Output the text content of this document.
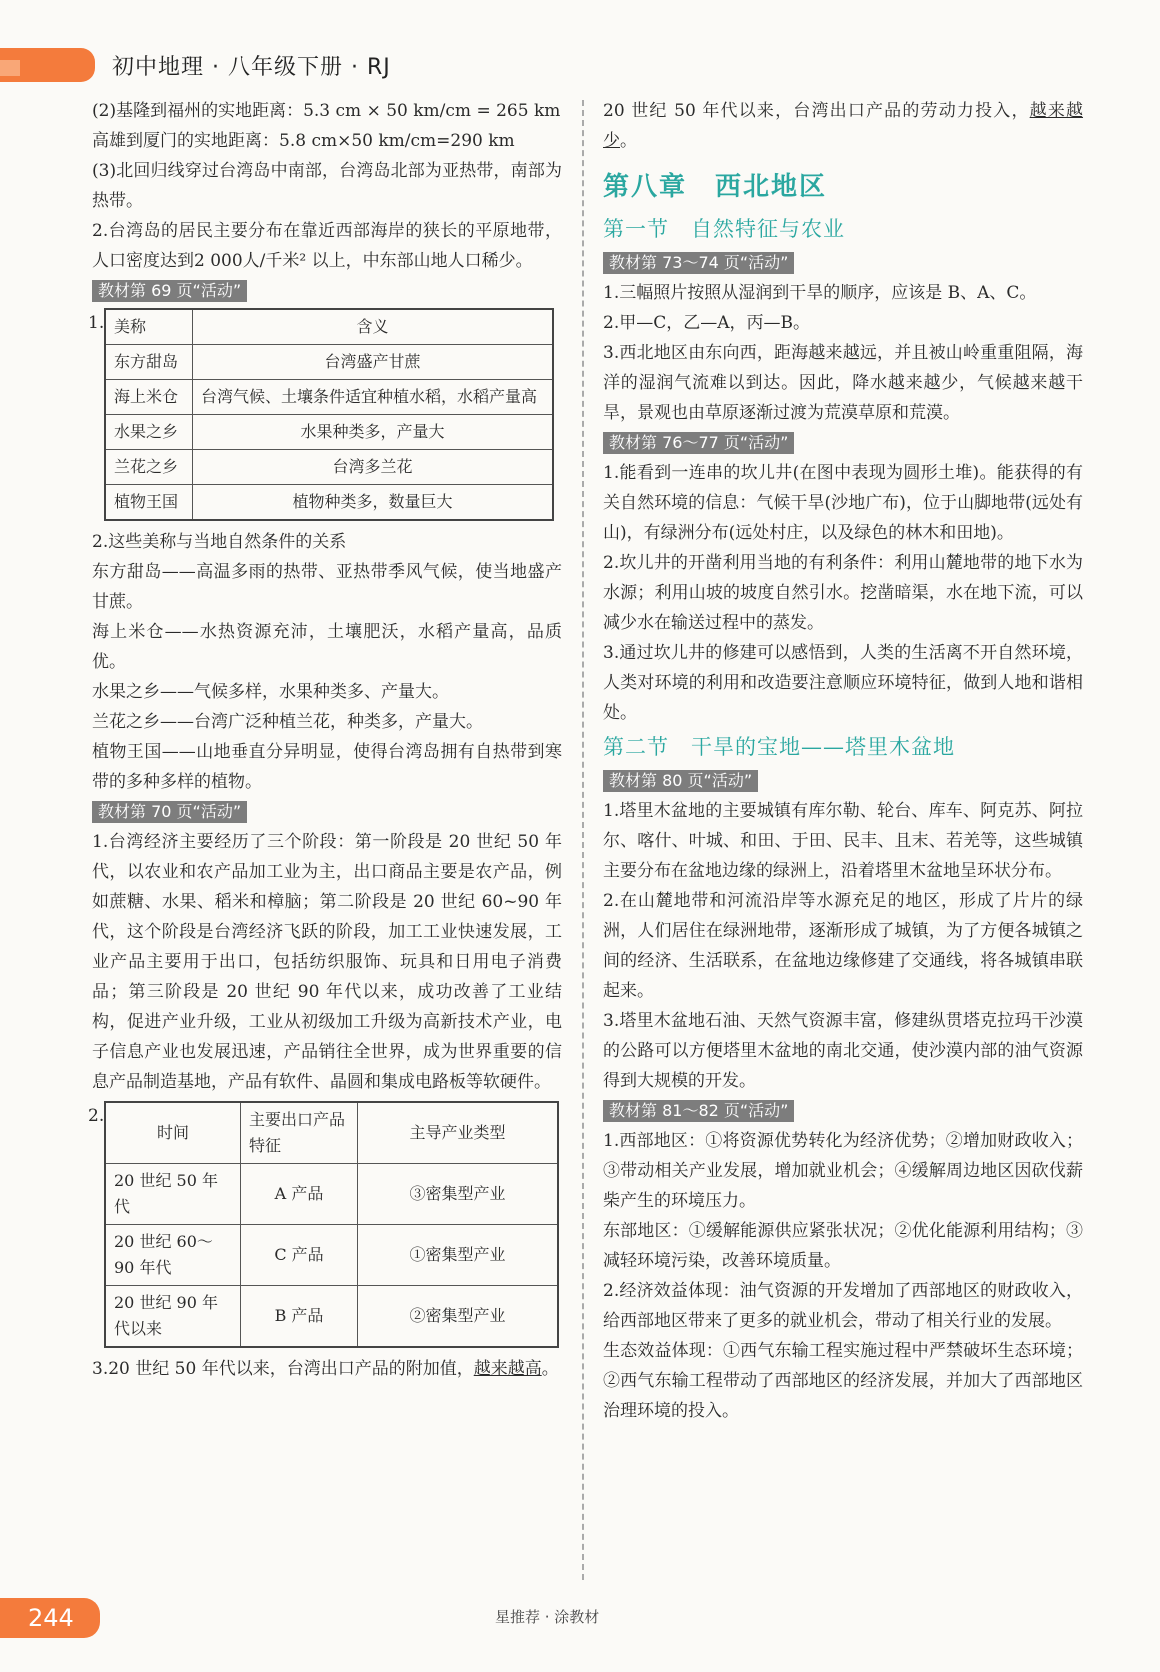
初中地理 · 八年级下册 · RJ

(2)基隆到福州的实地距离：5.3 cm × 50 km/cm = 265 km

高雄到厦门的实地距离：5.8 cm×50 km/cm=290 km

(3)北回归线穿过台湾岛中南部，台湾岛北部为亚热带，南部为热带。

2.台湾岛的居民主要分布在靠近西部海岸的狭长的平原地带，人口密度达到2 000人/千米² 以上，中东部山地人口稀少。

教材第 69 页“活动”
1. 美称	含义
东方甜岛	台湾盛产甘蔗
海上米仓	台湾气候、土壤条件适宜种植水稻，水稻产量高
水果之乡	水果种类多，产量大
兰花之乡	台湾多兰花
植物王国	植物种类多，数量巨大

2.这些美称与当地自然条件的关系

东方甜岛——高温多雨的热带、亚热带季风气候，使当地盛产甘蔗。

海上米仓——水热资源充沛，土壤肥沃，水稻产量高，品质优。

水果之乡——气候多样，水果种类多、产量大。

兰花之乡——台湾广泛种植兰花，种类多，产量大。

植物王国——山地垂直分异明显，使得台湾岛拥有自热带到寒带的多种多样的植物。

教材第 70 页“活动”

1.台湾经济主要经历了三个阶段：第一阶段是 20 世纪 50 年代，以农业和农产品加工业为主，出口商品主要是农产品，例如蔗糖、水果、稻米和樟脑；第二阶段是 20 世纪 60~90 年代，这个阶段是台湾经济飞跃的阶段，加工工业快速发展，工业产品主要用于出口，包括纺织服饰、玩具和日用电子消费品；第三阶段是 20 世纪 90 年代以来，成功改善了工业结构，促进产业升级，工业从初级加工升级为高新技术产业，电子信息产业也发展迅速，产品销往全世界，成为世界重要的信息产品制造基地，产品有软件、晶圆和集成电路板等软硬件。

2.
时间	主要出口产品特征	主导产业类型
20 世纪 50 年代	A 产品	③密集型产业
20 世纪 60～90 年代	C 产品	①密集型产业
20 世纪 90 年代以来	B 产品	②密集型产业

3.20 世纪 50 年代以来，台湾出口产品的附加值，越来越高。

20 世纪 50 年代以来，台湾出口产品的劳动力投入，越来越少。

第八章　西北地区

第一节　自然特征与农业

教材第 73～74 页“活动”

1.三幅照片按照从湿润到干旱的顺序，应该是 B、A、C。

2.甲—C，乙—A，丙—B。

3.西北地区由东向西，距海越来越远，并且被山岭重重阻隔，海洋的湿润气流难以到达。因此，降水越来越少，气候越来越干旱，景观也由草原逐渐过渡为荒漠草原和荒漠。

教材第 76～77 页“活动”

1.能看到一连串的坎儿井(在图中表现为圆形土堆)。能获得的有关自然环境的信息：气候干旱(沙地广布)，位于山脚地带(远处有山)，有绿洲分布(远处村庄，以及绿色的林木和田地)。

2.坎儿井的开凿利用当地的有利条件：利用山麓地带的地下水为水源；利用山坡的坡度自然引水。挖凿暗渠，水在地下流，可以减少水在输送过程中的蒸发。

3.通过坎儿井的修建可以感悟到，人类的生活离不开自然环境，人类对环境的利用和改造要注意顺应环境特征，做到人地和谐相处。

第二节　干旱的宝地——塔里木盆地

教材第 80 页“活动”

1.塔里木盆地的主要城镇有库尔勒、轮台、库车、阿克苏、阿拉尔、喀什、叶城、和田、于田、民丰、且末、若羌等，这些城镇主要分布在盆地边缘的绿洲上，沿着塔里木盆地呈环状分布。

2.在山麓地带和河流沿岸等水源充足的地区，形成了片片的绿洲，人们居住在绿洲地带，逐渐形成了城镇，为了方便各城镇之间的经济、生活联系，在盆地边缘修建了交通线，将各城镇串联起来。

3.塔里木盆地石油、天然气资源丰富，修建纵贯塔克拉玛干沙漠的公路可以方便塔里木盆地的南北交通，使沙漠内部的油气资源得到大规模的开发。

教材第 81～82 页“活动”

1.西部地区：①将资源优势转化为经济优势；②增加财政收入；③带动相关产业发展，增加就业机会；④缓解周边地区因砍伐薪柴产生的环境压力。

东部地区：①缓解能源供应紧张状况；②优化能源利用结构；③减轻环境污染，改善环境质量。

2.经济效益体现：油气资源的开发增加了西部地区的财政收入，给西部地区带来了更多的就业机会，带动了相关行业的发展。

生态效益体现：①西气东输工程实施过程中严禁破坏生态环境；②西气东输工程带动了西部地区的经济发展，并加大了西部地区治理环境的投入。

244	星推荐 · 涂教材
